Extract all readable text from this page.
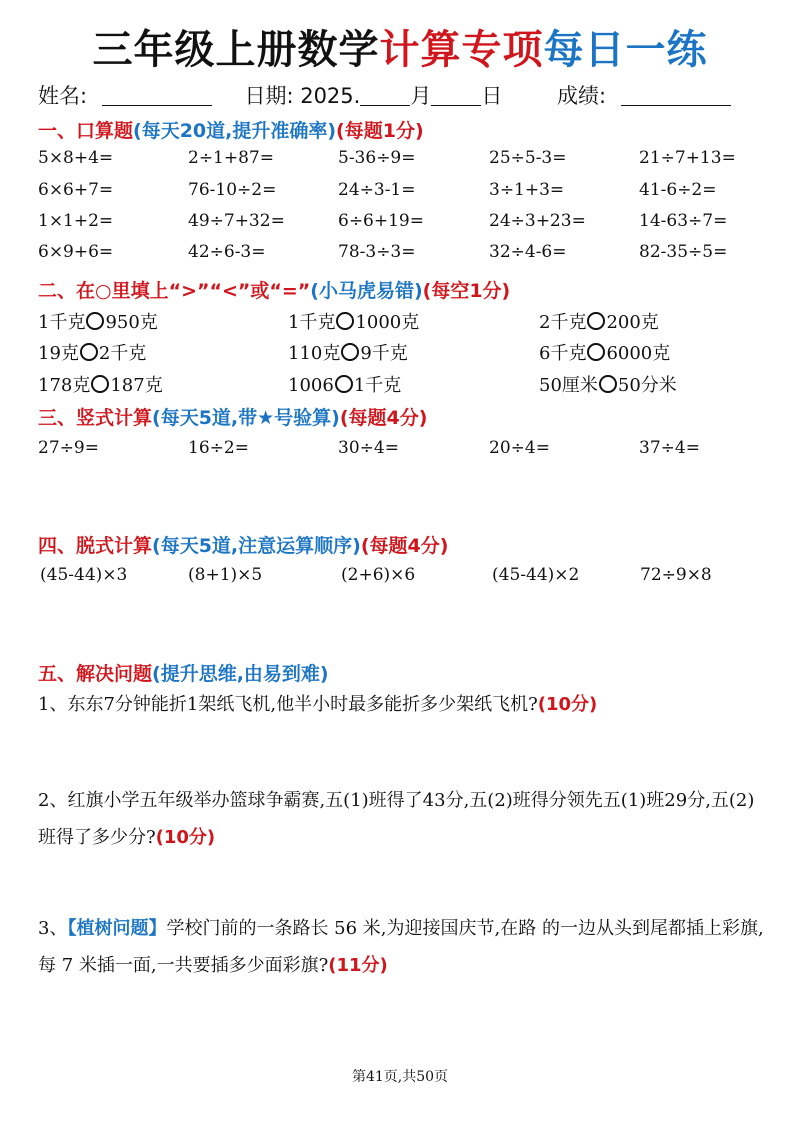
三年级上册数学计算专项每日一练
姓名:	日期: 2025. 月 日	成绩:
一、口算题(每天20道,提升准确率)(每题1分)
5×8+4=	2÷1+87=	5-36÷9=	25÷5-3=	21÷7+13=
6×6+7=	76-10÷2=	24÷3-1=	3÷1+3=	41-6÷2=
1×1+2=	49÷7+32=	6÷6+19=	24÷3+23=	14-63÷7=
6×9+6=	42÷6-3=	78-3÷3=	32÷4-6=	82-35÷5=
二、在○里填上“>”“<”或“=”(小马虎易错)(每空1分)
1千克 950克	1千克 1000克	2千克 200克
19克 2千克	110克 9千克	6千克 6000克
178克 187克	1006 1千克	50厘米 50分米
三、竖式计算(每天5道,带★号验算)(每题4分)
27÷9=	16÷2=	30÷4=	20÷4=	37÷4=
四、脱式计算(每天5道,注意运算顺序)(每题4分)
(45-44)×3	(8+1)×5	(2+6)×6	(45-44)×2	72÷9×8
五、解决问题(提升思维,由易到难)
1、东东7分钟能折1架纸飞机,他半小时最多能折多少架纸飞机?(10分)
2、红旗小学五年级举办篮球争霸赛,五(1)班得了43分,五(2)班得分领先五(1)班29分,五(2)班得了多少分?(10分)
3、【植树问题】学校门前的一条路长 56 米,为迎接国庆节,在路 的一边从头到尾都插上彩旗,每 7 米插一面,一共要插多少面彩旗?(11分)
第41页,共50页
